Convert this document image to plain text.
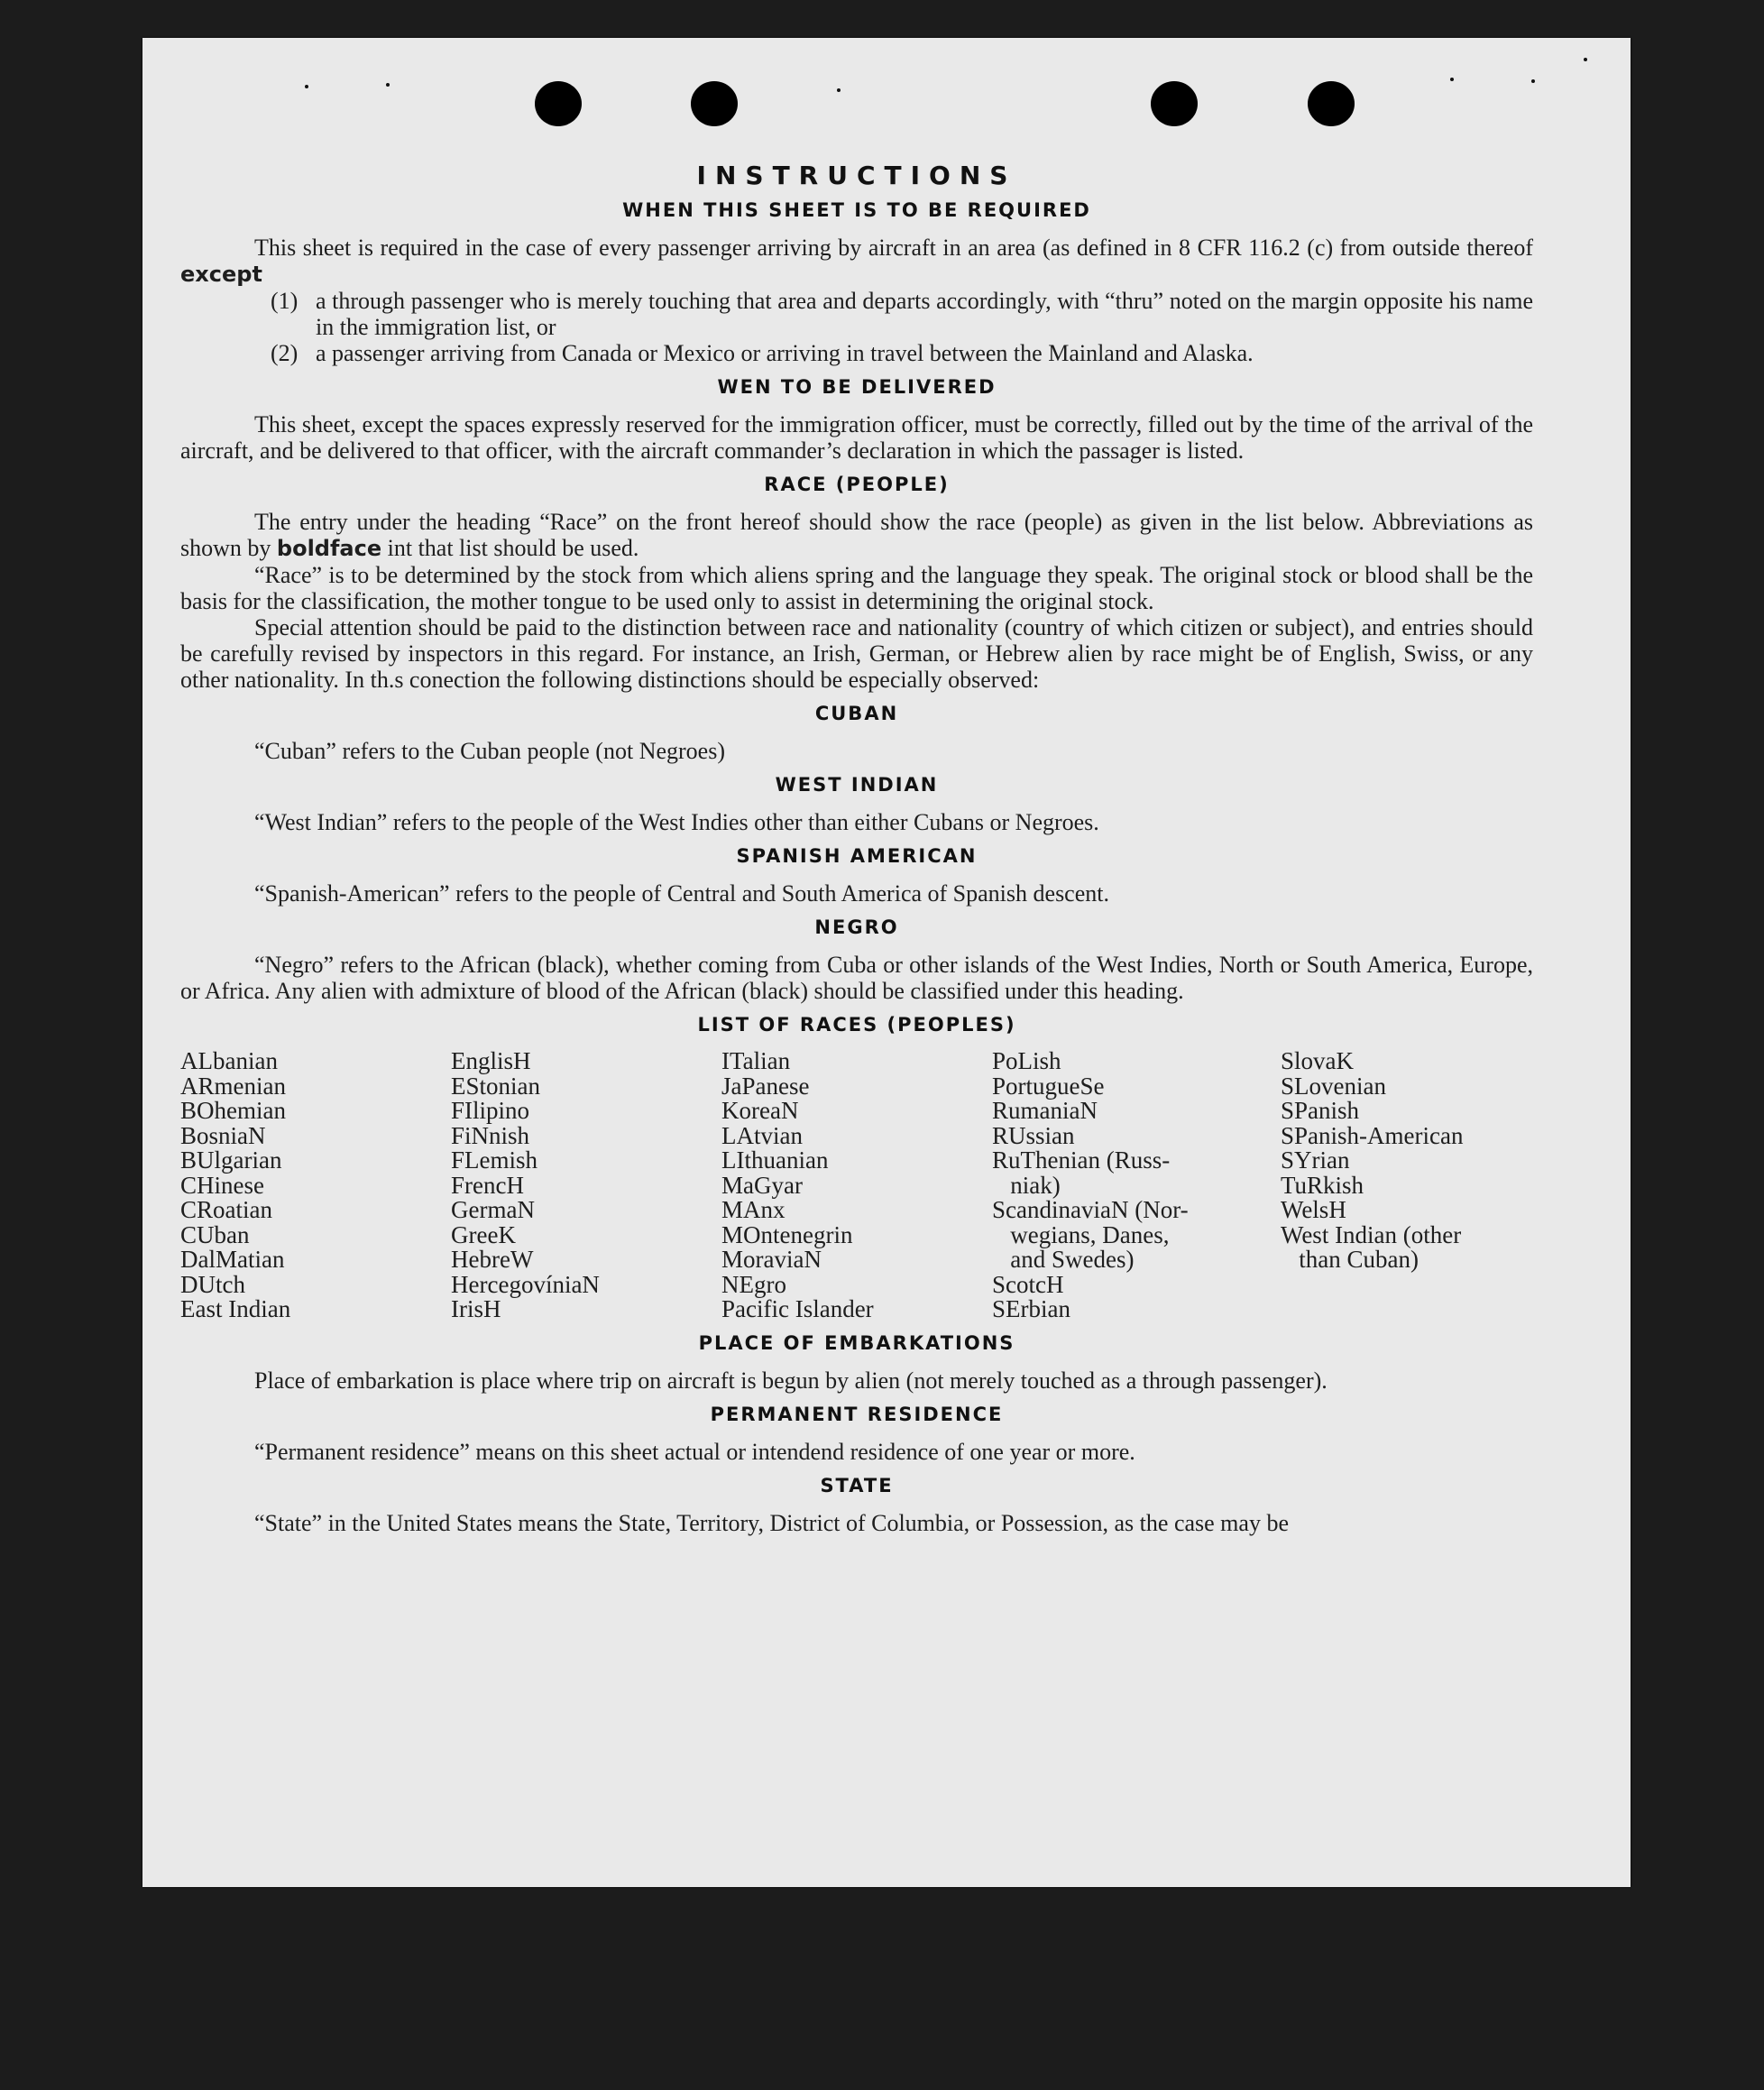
INSTRUCTIONS
WHEN THIS SHEET IS TO BE REQUIRED

This sheet is required in the case of every passenger arriving by aircraft in an area (as defined in 8 CFR 116.2 (c) from outside thereof except

(1) a through passenger who is merely touching that area and departs accordingly, with “thru” noted on the margin opposite his name in the immigration list, or
(2) a passenger arriving from Canada or Mexico or arriving in travel between the Mainland and Alaska.
WEN TO BE DELIVERED

This sheet, except the spaces expressly reserved for the immigration officer, must be correctly, filled out by the time of the arrival of the aircraft, and be delivered to that officer, with the aircraft commander’s declaration in which the passager is listed.

RACE (PEOPLE)

The entry under the heading “Race” on the front hereof should show the race (people) as given in the list below. Abbreviations as shown by boldface int that list should be used.

“Race” is to be determined by the stock from which aliens spring and the language they speak. The original stock or blood shall be the basis for the classification, the mother tongue to be used only to assist in determining the original stock.

Special attention should be paid to the distinction between race and nationality (country of which citizen or subject), and entries should be carefully revised by inspectors in this regard. For instance, an Irish, German, or Hebrew alien by race might be of English, Swiss, or any other nationality. In th.s conection the following distinctions should be especially observed:

CUBAN

“Cuban” refers to the Cuban people (not Negroes)

WEST INDIAN

“West Indian” refers to the people of the West Indies other than either Cubans or Negroes.

SPANISH AMERICAN

“Spanish-American” refers to the people of Central and South America of Spanish descent.

NEGRO

“Negro” refers to the African (black), whether coming from Cuba or other islands of the West Indies, North or South America, Europe, or Africa. Any alien with admixture of blood of the African (black) should be classified under this heading.

LIST OF RACES (PEOPLES)
ALbanian
ARmenian
BOhemian
BosniaN
BUlgarian
CHinese
CRoatian
CUban
DalMatian
DUtch
East Indian
EnglisH
EStonian
FIlipino
FiNnish
FLemish
FrencH
GermaN
GreeK
HebreW
HercegovíniaN
IrisH
ITalian
JaPanese
KoreaN
LAtvian
LIthuanian
MaGyar
MAnx
MOntenegrin
MoraviaN
NEgro
Pacific Islander
PoLish
PortugueSe
RumaniaN
RUssian
RuThenian (Russ-
niak)
ScandinaviaN (Nor-
wegians, Danes,
and Swedes)
ScotcH
SErbian
SlovaK
SLovenian
SPanish
SPanish-American
SYrian
TuRkish
WelsH
West Indian (other
than Cuban)
PLACE OF EMBARKATIONS

Place of embarkation is place where trip on aircraft is begun by alien (not merely touched as a through passenger).

PERMANENT RESIDENCE

“Permanent residence” means on this sheet actual or intendend residence of one year or more.

STATE

“State” in the United States means the State, Territory, District of Columbia, or Possession, as the case may be
